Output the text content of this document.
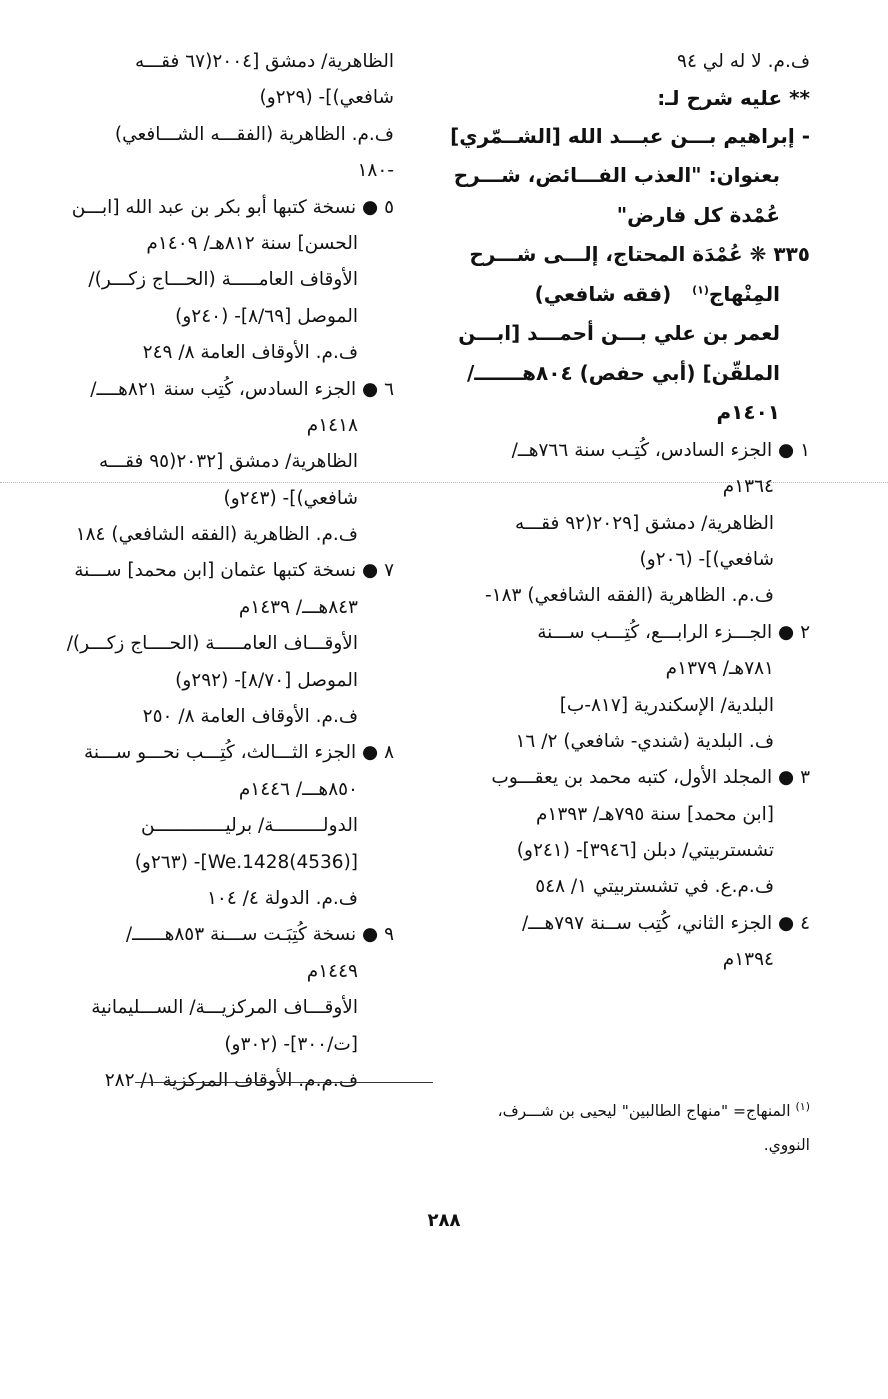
ف.م. لا له لي ٩٤
** عليه شرح لـ:
- إبراهيم بـــن عبـــد الله [الشــمّري]
بعنوان: "العذب الفـــائض، شـــرح
عُمْدة كل فارض"
٣٣٥ ❋ عُمْدَة المحتاج، إلـــى شـــرح
المِنْهاج$^{(١)}$   (فقه شافعي)
لعمر بن علي بـــن أحمـــد [ابـــن
الملقّن] (أبي حفص) ٨٠٤هـــــــ/
١٤٠١م
١ ● الجزء السادس، كُتِـب سنة ٧٦٦هــ/
١٣٦٤م
الظاهرية/ دمشق [٢٠٢٩(٩٢ فقـــه
شافعي)]- (٢٠٦و)
ف.م. الظاهرية (الفقه الشافعي) ١٨٣-
٢ ● الجـــزء الرابـــع، كُتِـــب ســـنة
٧٨١هـ/ ١٣٧٩م
البلدية/ الإسكندرية [٨١٧-ب]
ف. البلدية (شندي- شافعي) ٢/ ١٦
٣ ● المجلد الأول، كتبه محمد بن يعقـــوب
[ابن محمد] سنة ٧٩٥هـ/ ١٣٩٣م
تشستربيتي/ دبلن [٣٩٤٦]- (٢٤١و)
ف.م.ع. في تشستربيتي ١/ ٥٤٨
٤ ● الجزء الثاني، كُتِب ســنة ٧٩٧هـــ/
١٣٩٤م
الظاهرية/ دمشق [٢٠٠٤(٦٧ فقـــه
شافعي)]- (٢٢٩و)
ف.م. الظاهرية (الفقـــه الشـــافعي)
-١٨٠
٥ ● نسخة كتبها أبو بكر بن عبد الله [ابـــن
الحسن] سنة ٨١٢هـ/ ١٤٠٩م
الأوقاف العامـــــة (الحـــاج زكـــر)/
الموصل [٨/٦٩]- (٢٤٠و)
ف.م. الأوقاف العامة ٨/ ٢٤٩
٦ ● الجزء السادس، كُتِب سنة ٨٢١هــــ/
١٤١٨م
الظاهرية/ دمشق [٢٠٣٢(٩٥ فقـــه
شافعي)]- (٢٤٣و)
ف.م. الظاهرية (الفقه الشافعي) ١٨٤
٧ ● نسخة كتبها عثمان [ابن محمد] ســـنة
٨٤٣هـــ/ ١٤٣٩م
الأوقـــاف العامـــــة (الحــــاج زكـــر)/
الموصل [٨/٧٠]- (٢٩٢و)
ف.م. الأوقاف العامة ٨/ ٢٥٠
٨ ● الجزء الثـــالث، كُتِـــب نحـــو ســـنة
٨٥٠هـــ/ ١٤٤٦م
الدولـــــــــة/ برليـــــــــــــن
[(4536)We.1428]- (٢٦٣و)
ف.م. الدولة ٤/ ١٠٤
٩ ● نسخة كُتِبَـت ســـنة ٨٥٣هــــــ/
١٤٤٩م
الأوقـــاف المركزيـــة/ الســـليمانية
[ت/٣٠٠]- (٣٠٢و)
ف.م.م. الأوقاف المركزية ١/ ٢٨٢
$^{(١)}$ المنهاج= "منهاج الطالبين" ليحيى بن شـــرف،
النووي.
٢٨٨
